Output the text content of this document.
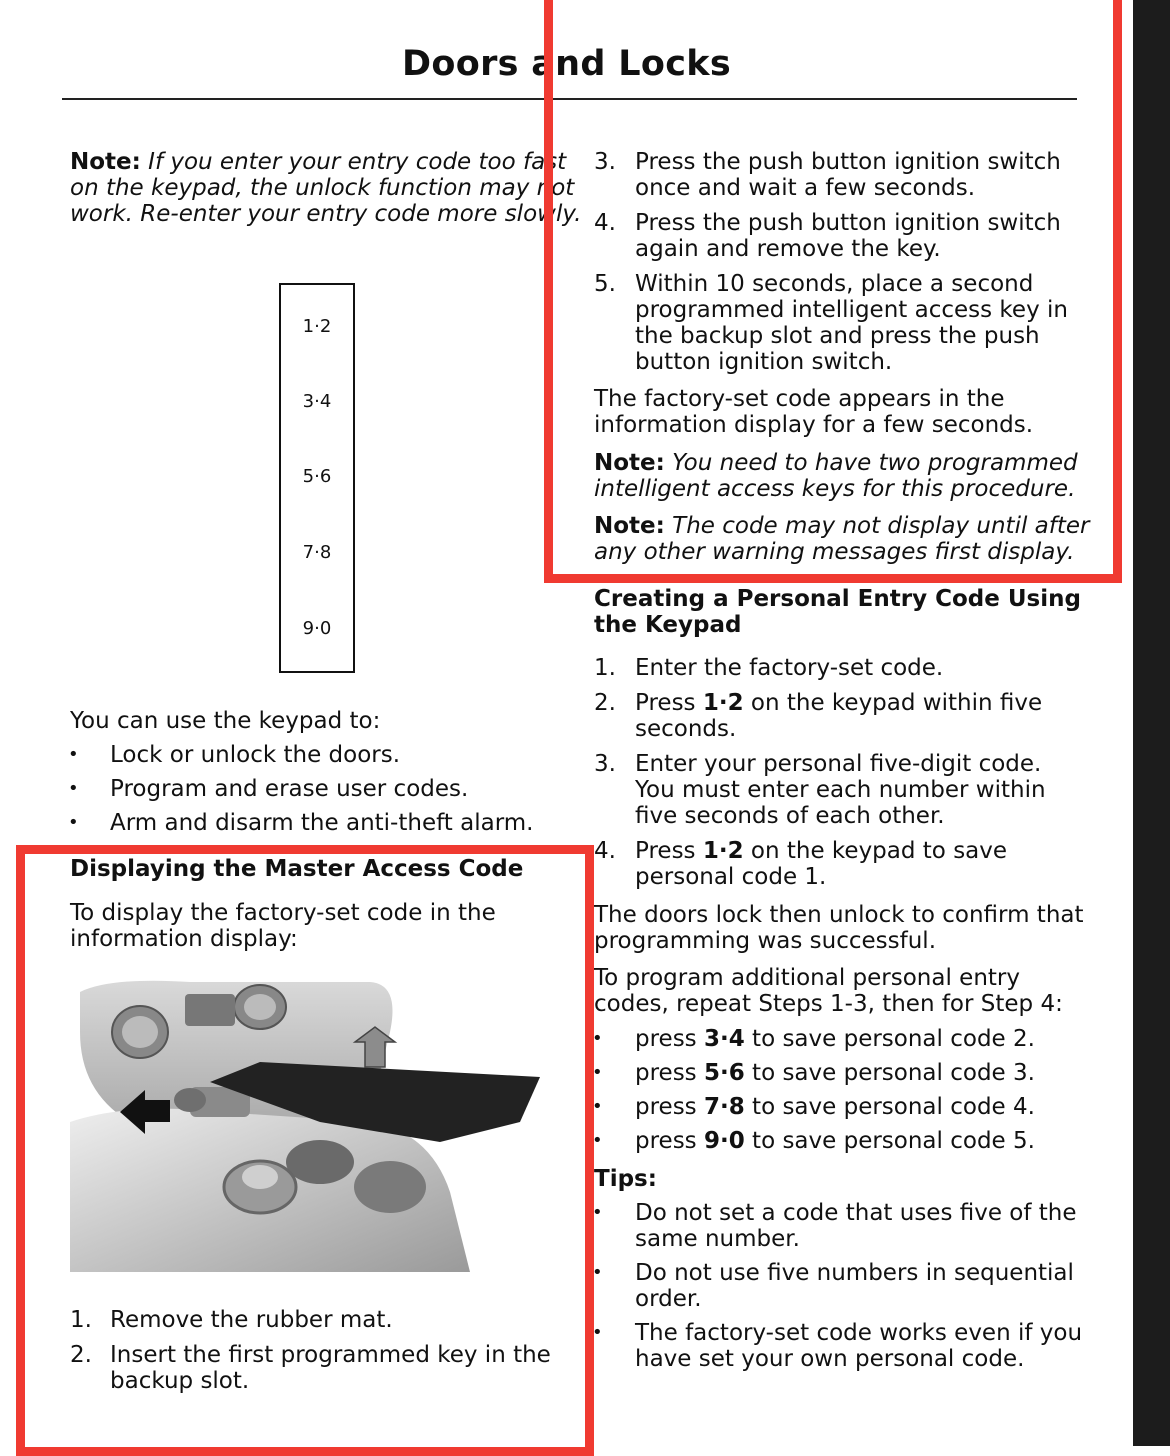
Doors and Locks

Note: If you enter your entry code too fast

on the keypad, the unlock function may not

work. Re-enter your entry code more slowly.

1·2
3·4
5·6
7·8
9·0

You can use the keypad to:

• Lock or unlock the doors.

• Program and erase user codes.

• Arm and disarm the anti-theft alarm.

Displaying the Master Access Code

To display the factory-set code in the

information display:

1. Remove the rubber mat.

2. Insert the first programmed key in the

backup slot.

3. Press the push button ignition switch

once and wait a few seconds.

4. Press the push button ignition switch

again and remove the key.

5. Within 10 seconds, place a second

programmed intelligent access key in

the backup slot and press the push

button ignition switch.

The factory-set code appears in the

information display for a few seconds.

Note: You need to have two programmed

intelligent access keys for this procedure.

Note: The code may not display until after

any other warning messages first display.

Creating a Personal Entry Code Using

the Keypad

1. Enter the factory-set code.

2. Press 1·2 on the keypad within five

seconds.

3. Enter your personal five-digit code.

You must enter each number within

five seconds of each other.

4. Press 1·2 on the keypad to save

personal code 1.

The doors lock then unlock to confirm that

programming was successful.

To program additional personal entry

codes, repeat Steps 1-3, then for Step 4:

• press 3·4 to save personal code 2.

• press 5·6 to save personal code 3.

• press 7·8 to save personal code 4.

• press 9·0 to save personal code 5.

Tips:

• Do not set a code that uses five of the

same number.

• Do not use five numbers in sequential

order.

• The factory-set code works even if you

have set your own personal code.
